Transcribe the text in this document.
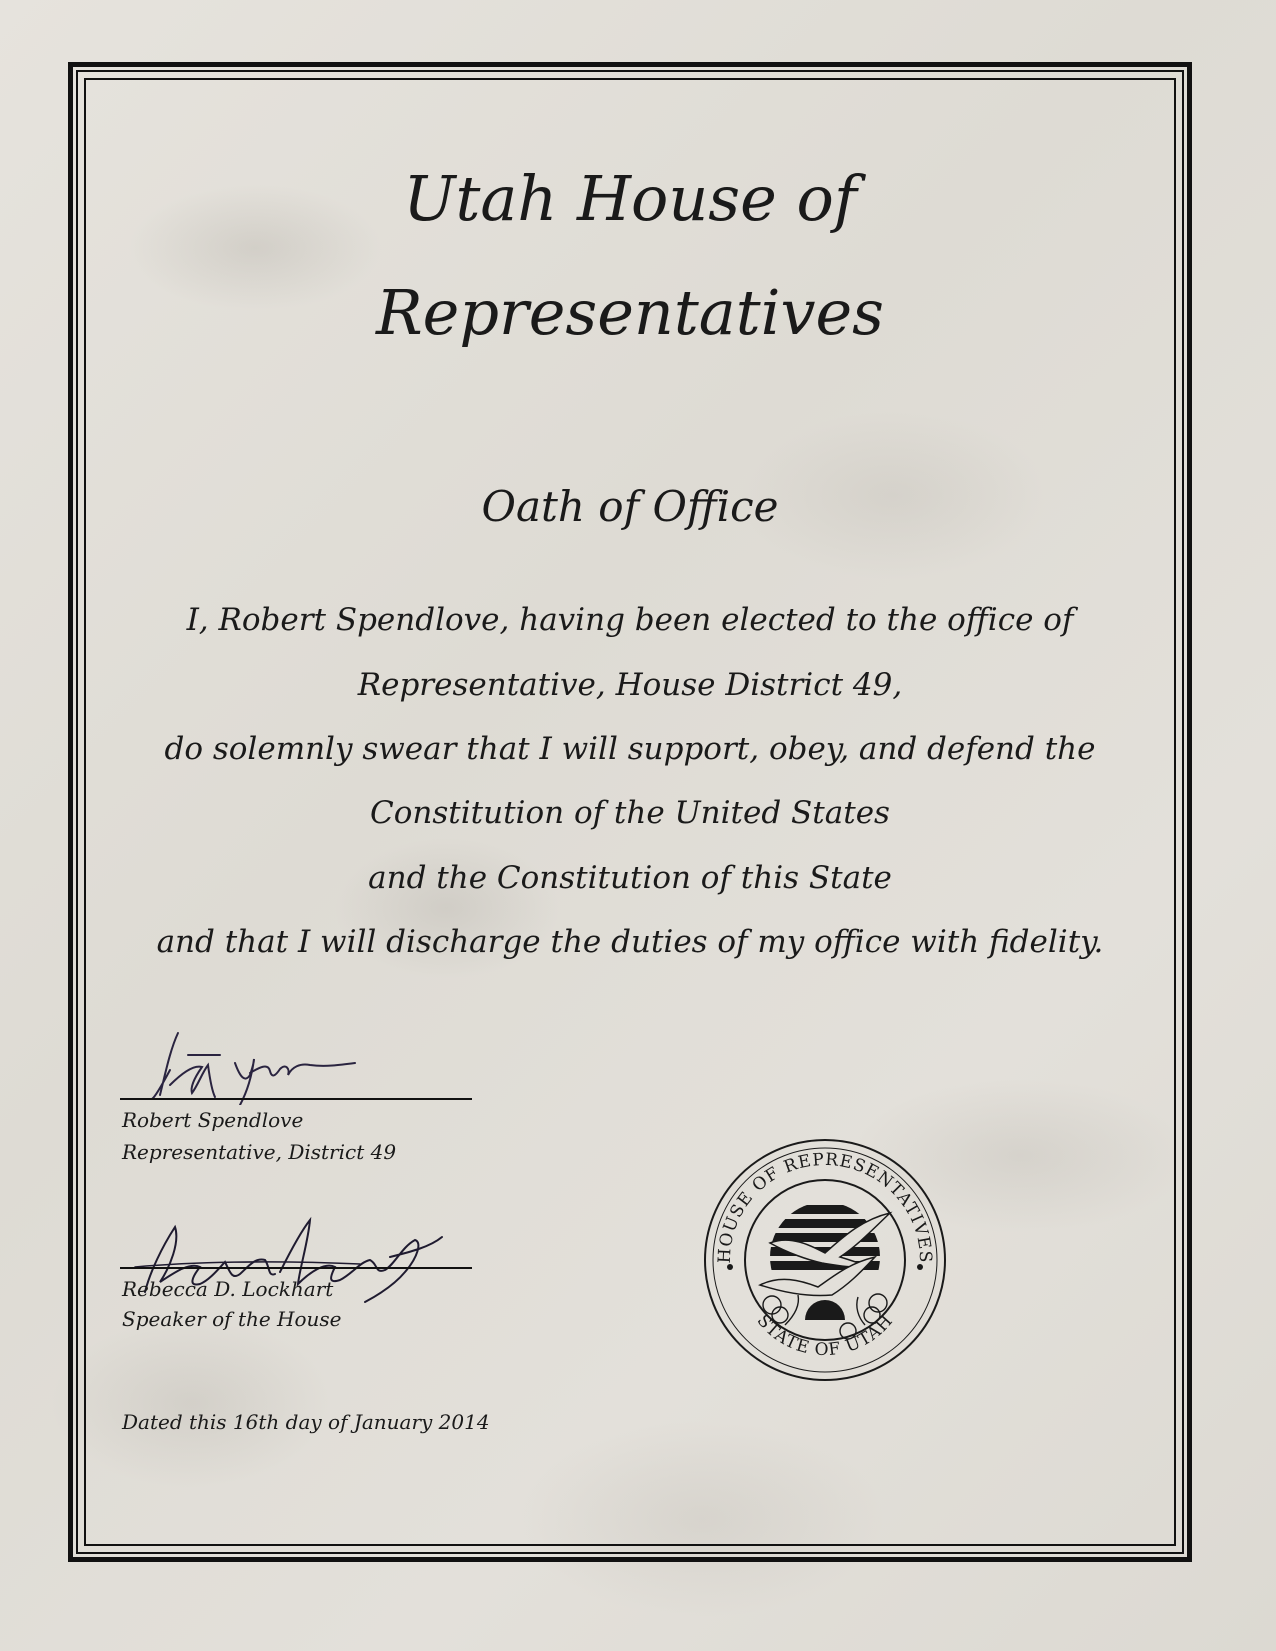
Utah House of
Representatives
Oath of Office
I, Robert Spendlove, having been elected to the office of
Representative, House District 49,
do solemnly swear that I will support, obey, and defend the
Constitution of the United States
and the Constitution of this State
and that I will discharge the duties of my office with fidelity.
Robert Spendlove
Representative, District 49
Rebecca D. Lockhart
Speaker of the House
HOUSE OF REPRESENTATIVES
STATE OF UTAH
Dated this 16th day of January 2014
